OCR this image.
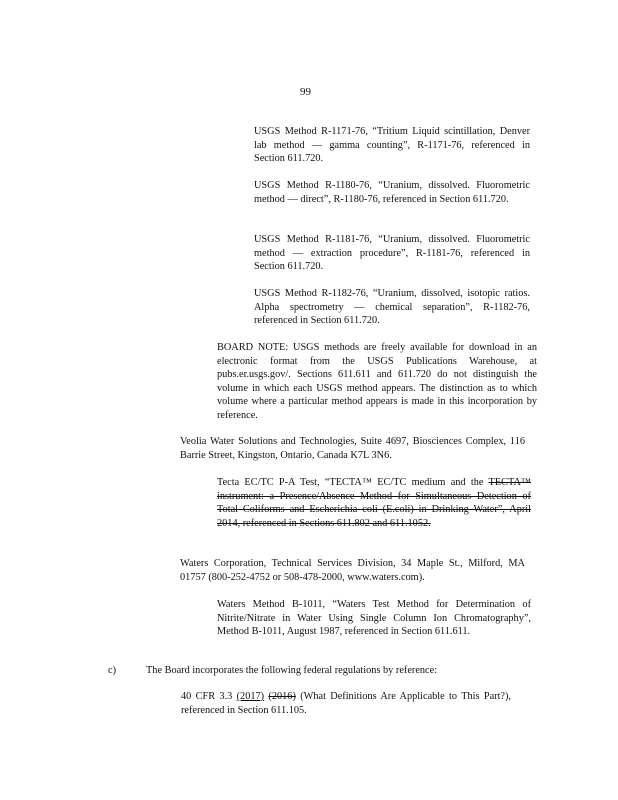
99

USGS Method R-1171-76, “Tritium Liquid scintillation, Denver lab method — gamma counting”, R-1171-76, referenced in Section 611.720.

USGS Method R-1180-76, “Uranium, dissolved. Fluorometric method — direct”, R-1180-76, referenced in Section 611.720.

USGS Method R-1181-76, “Uranium, dissolved. Fluorometric method — extraction procedure”, R-1181-76, referenced in Section 611.720.

USGS Method R-1182-76, “Uranium, dissolved, isotopic ratios. Alpha spectrometry — chemical separation”, R-1182-76, referenced in Section 611.720.

BOARD NOTE: USGS methods are freely available for download in an electronic format from the USGS Publications Warehouse, at pubs.er.usgs.gov/. Sections 611.611 and 611.720 do not distinguish the volume in which each USGS method appears. The distinction as to which volume where a particular method appears is made in this incorporation by reference.

Veolia Water Solutions and Technologies, Suite 4697, Biosciences Complex, 116 Barrie Street, Kingston, Ontario, Canada K7L 3N6.

Tecta EC/TC P-A Test, “TECTA™ EC/TC medium and the TECTA™ instrument: a Presence/Absence Method for Simultaneous Detection of Total Coliforms and Escherichia coli (E.coli) in Drinking Water”, April 2014, referenced in Sections 611.802 and 611.1052.

Waters Corporation, Technical Services Division, 34 Maple St., Milford, MA 01757 (800-252-4752 or 508-478-2000, www.waters.com).

Waters Method B-1011, “Waters Test Method for Determination of Nitrite/Nitrate in Water Using Single Column Ion Chromatography”, Method B-1011, August 1987, referenced in Section 611.611.

c)	The Board incorporates the following federal regulations by reference:

40 CFR 3.3 (2017) (2016) (What Definitions Are Applicable to This Part?), referenced in Section 611.105.
